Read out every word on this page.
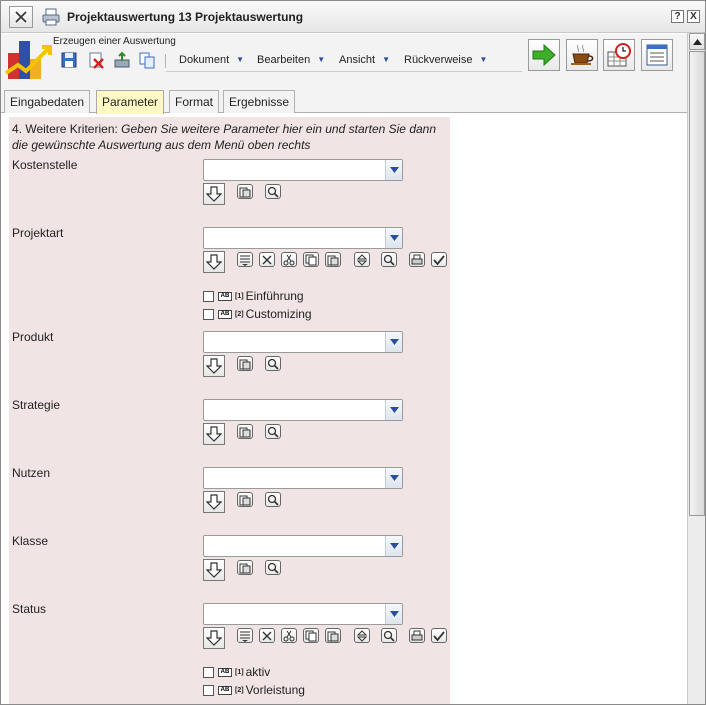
Projektauswertung 13 Projektauswertung	? X
Erzeugen einer Auswertung
Dokument ▼ Bearbeiten ▼ Ansicht ▼ Rückverweise ▼
Eingabedaten	Parameter	Format	Ergebnisse
4. Weitere Kriterien: Geben Sie weitere Parameter hier ein und starten Sie dann
die gewünschte Auswertung aus dem Menü oben rechts
Kostenstelle
Projektart
AB [1] Einführung
AB [2] Customizing
Produkt
Strategie
Nutzen
Klasse
Status
AB [1] aktiv
AB [2] Vorleistung
